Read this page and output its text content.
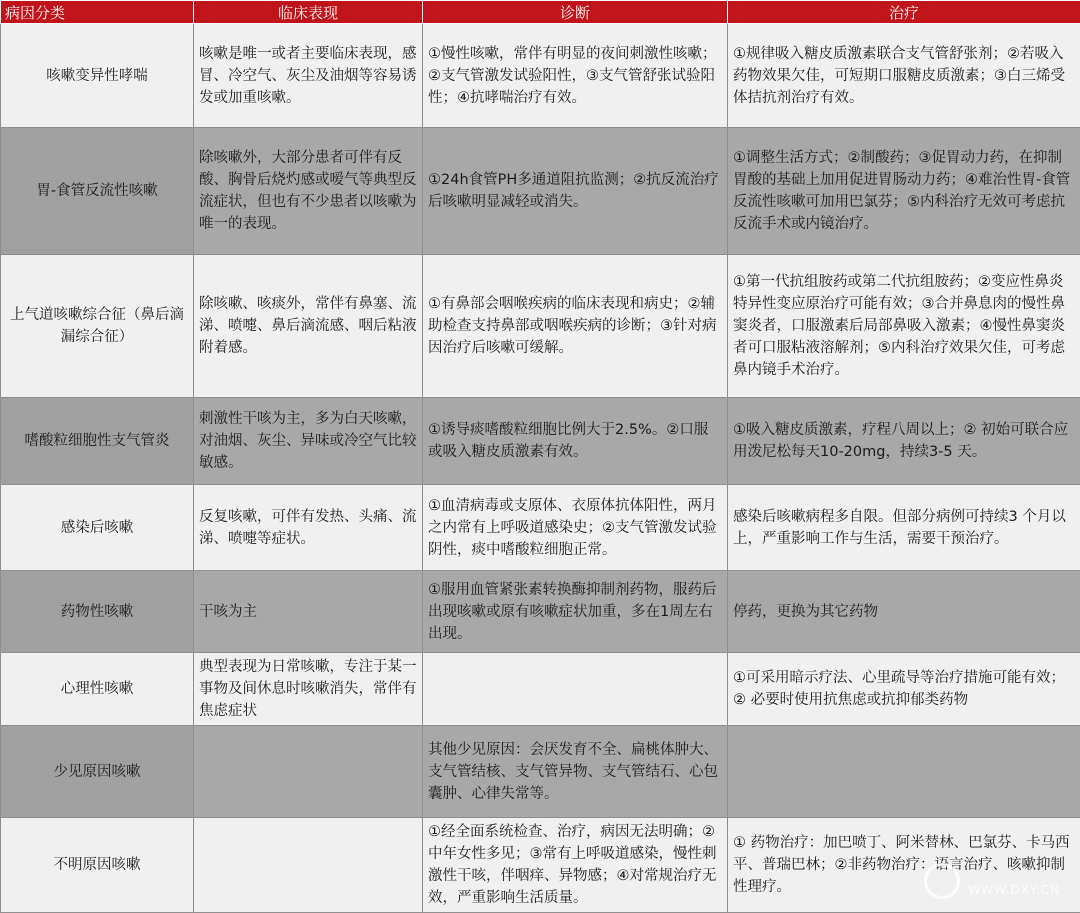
病因分类	临床表现	诊断	治疗
咳嗽变异性哮喘	咳嗽是唯一或者主要临床表现，感冒、冷空气、灰尘及油烟等容易诱发或加重咳嗽。	①慢性咳嗽，常伴有明显的夜间刺激性咳嗽；②支气管激发试验阳性，③支气管舒张试验阳性；④抗哮喘治疗有效。	①规律吸入糖皮质激素联合支气管舒张剂；②若吸入药物效果欠佳，可短期口服糖皮质激素；③白三烯受体拮抗剂治疗有效。
胃-食管反流性咳嗽	除咳嗽外，大部分患者可伴有反酸、胸骨后烧灼感或嗳气等典型反流症状，但也有不少患者以咳嗽为唯一的表现。	①24h食管PH多通道阻抗监测；②抗反流治疗后咳嗽明显减轻或消失。	①调整生活方式；②制酸药；③促胃动力药，在抑制胃酸的基础上加用促进胃肠动力药；④难治性胃-食管反流性咳嗽可加用巴氯芬；⑤内科治疗无效可考虑抗反流手术或内镜治疗。
上气道咳嗽综合征（鼻后滴漏综合征）	除咳嗽、咳痰外，常伴有鼻塞、流涕、喷嚏、鼻后滴流感、咽后粘液附着感。	①有鼻部会咽喉疾病的临床表现和病史；②辅助检查支持鼻部或咽喉疾病的诊断；③针对病因治疗后咳嗽可缓解。	①第一代抗组胺药或第二代抗组胺药；②变应性鼻炎特异性变应原治疗可能有效；③合并鼻息肉的慢性鼻窦炎者，口服激素后局部鼻吸入激素；④慢性鼻窦炎者可口服粘液溶解剂；⑤内科治疗效果欠佳，可考虑鼻内镜手术治疗。
嗜酸粒细胞性支气管炎	刺激性干咳为主，多为白天咳嗽，对油烟、灰尘、异味或冷空气比较敏感。	①诱导痰嗜酸粒细胞比例大于2.5%。②口服或吸入糖皮质激素有效。	①吸入糖皮质激素，疗程八周以上；② 初始可联合应用泼尼松每天10-20mg，持续3-5 天。
感染后咳嗽	反复咳嗽，可伴有发热、头痛、流涕、喷嚏等症状。	①血清病毒或支原体、衣原体抗体阳性，两月之内常有上呼吸道感染史；②支气管激发试验阴性，痰中嗜酸粒细胞正常。	感染后咳嗽病程多自限。但部分病例可持续3 个月以上，严重影响工作与生活，需要干预治疗。
药物性咳嗽	干咳为主	①服用血管紧张素转换酶抑制剂药物，服药后出现咳嗽或原有咳嗽症状加重，多在1周左右出现。	停药，更换为其它药物
心理性咳嗽	典型表现为日常咳嗽，专注于某一事物及间休息时咳嗽消失，常伴有焦虑症状		①可采用暗示疗法、心里疏导等治疗措施可能有效；② 必要时使用抗焦虑或抗抑郁类药物
少见原因咳嗽		其他少见原因：会厌发育不全、扁桃体肿大、支气管结核、支气管异物、支气管结石、心包囊肿、心律失常等。	
不明原因咳嗽		①经全面系统检查、治疗，病因无法明确；②中年女性多见；③常有上呼吸道感染，慢性刺激性干咳，伴咽痒、异物感；④对常规治疗无效，严重影响生活质量。	① 药物治疗：加巴喷丁、阿米替林、巴氯芬、卡马西平、普瑞巴林；②非药物治疗：语言治疗、咳嗽抑制性理疗。
WWW.DXY.CN
